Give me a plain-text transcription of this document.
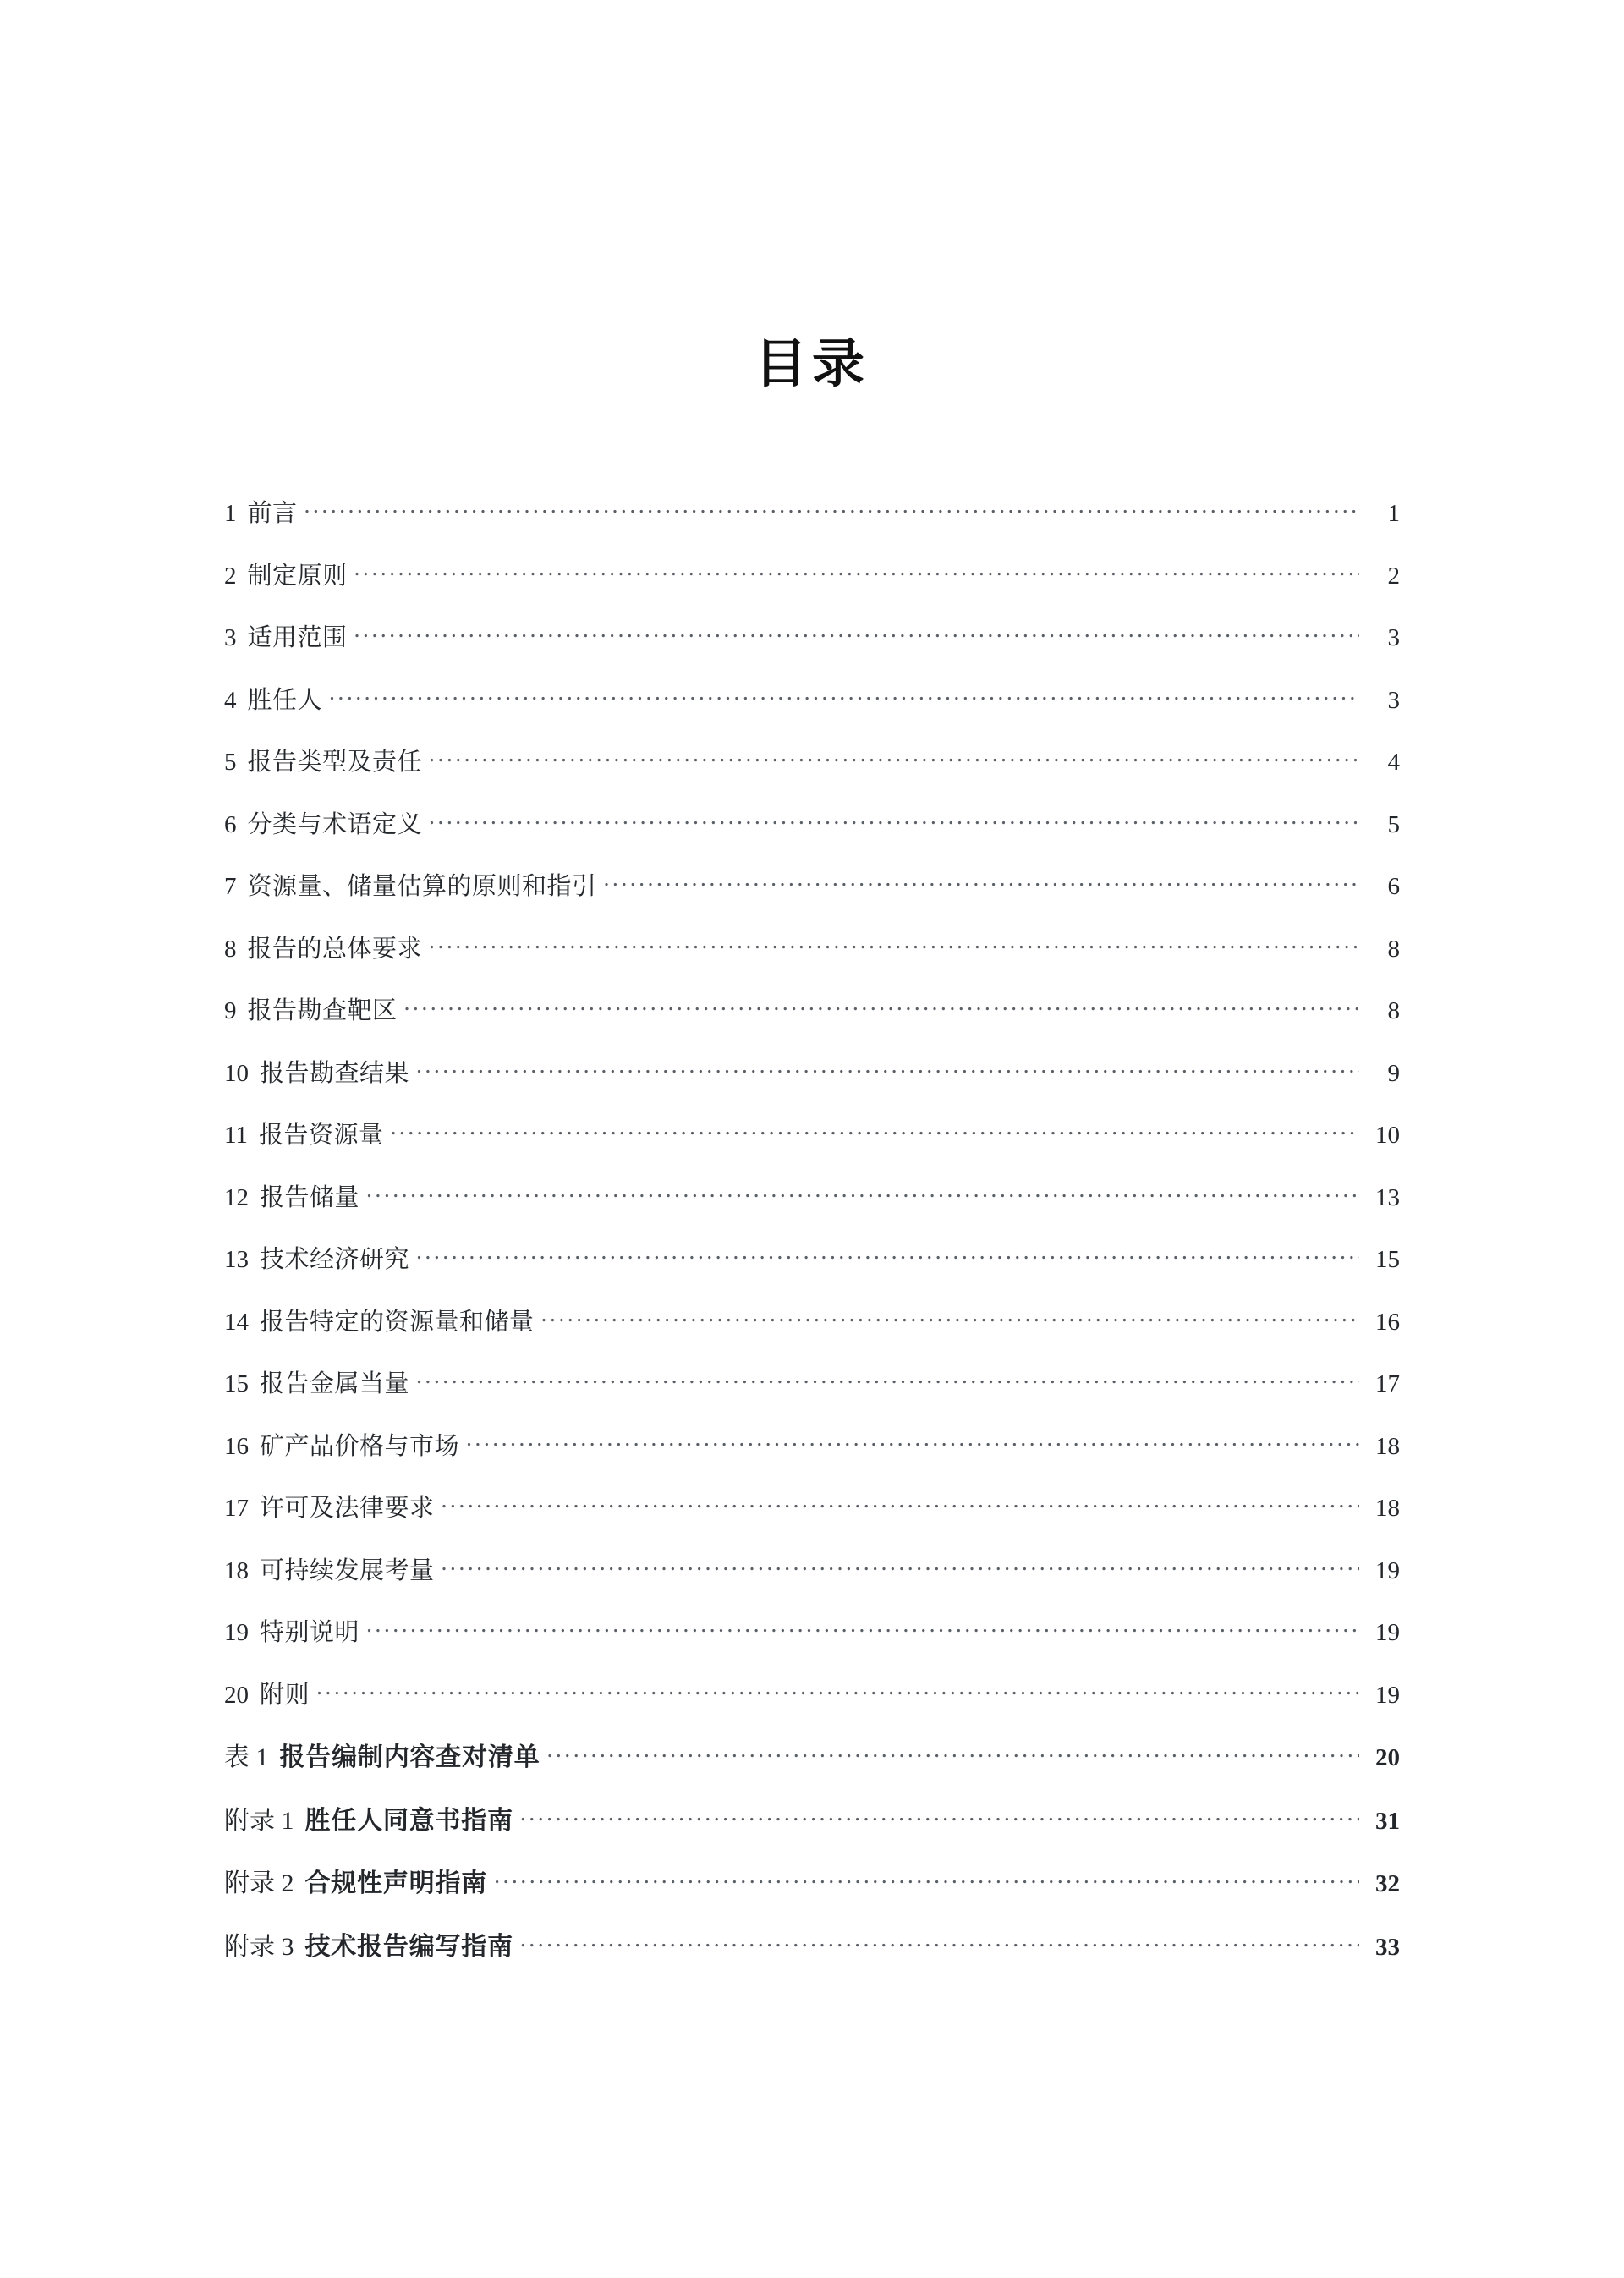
目录
1 前言 .....	1
2 制定原则 .....	2
3 适用范围 .....	3
4 胜任人 .....	3
5 报告类型及责任 .....	4
6 分类与术语定义 .....	5
7 资源量、储量估算的原则和指引 .....	6
8 报告的总体要求 .....	8
9 报告勘查靶区 .....	8
10 报告勘查结果 .....	9
11 报告资源量 .....	10
12 报告储量 .....	13
13 技术经济研究 .....	15
14 报告特定的资源量和储量 .....	16
15 报告金属当量 .....	17
16 矿产品价格与市场 .....	18
17 许可及法律要求 .....	18
18 可持续发展考量 .....	19
19 特别说明 .....	19
20 附则 .....	19
表 1 报告编制内容查对清单 .....	20
附录 1 胜任人同意书指南 .....	31
附录 2 合规性声明指南 .....	32
附录 3 技术报告编写指南 .....	33
